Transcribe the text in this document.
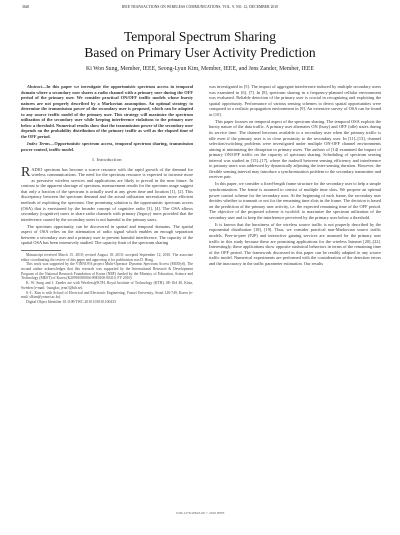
3640	IEEE TRANSACTIONS ON WIRELESS COMMUNICATIONS, VOL. 9, NO. 12, DECEMBER 2010
Temporal Spectrum Sharing
Based on Primary User Activity Prediction
Ki Won Sung, Member, IEEE, Seong-Lyun Kim, Member, IEEE, and Jens Zander, Member, IEEE

Abstract—In this paper we investigate the opportunistic spectrum access in temporal domain where a secondary user shares a radio channel with a primary user during the OFF period of the primary user. We consider practical ON/OFF traffic models whose bursty natures are not properly described by a Markovian assumption. An optimal strategy to determine the transmission power of the secondary user is proposed, which can be adapted to any source traffic model of the primary user. This strategy will maximize the spectrum utilization of the secondary user while keeping interference violations to the primary user below a threshold. Numerical results show that the transmission power of the secondary user depends on the probability distribution of the primary traffic as well as the elapsed time of the OFF period.

Index Terms—Opportunistic spectrum access, temporal spectrum sharing, transmission power control, traffic model.

I. Introduction

RADIO spectrum has become a scarce resource with the rapid growth of the demand for wireless communications. The need for the spectrum resource is expected to increase more as pervasive wireless services and applications are likely to prevail in the near future. In contrast to the apparent shortage of spectrum, measurement results for the spectrum usage suggest that only a fraction of the spectrum is actually used at any given time and location [1], [2]. This discrepancy between the spectrum demand and the actual utilization necessitates more efficient methods of exploiting the spectrum. One promising solution is the opportunistic spectrum access (OSA) that is envisioned by the broader concept of cognitive radio [3], [4]. The OSA allows secondary (cognitive) users to share radio channels with primary (legacy) users provided that the interference caused by the secondary users is not harmful to the primary users.

The spectrum opportunity can be discovered in spatial and temporal domains. The spatial aspect of OSA relies on the attenuation of radio signal which enables an enough separation between a secondary user and a primary user to prevent harmful interference. The capacity of the spatial OSA has been extensively studied. The capacity limit of the spectrum sharing

Manuscript received March 15, 2010; revised August 18, 2010; accepted September 12, 2010. The associate editor coordinating the review of this paper and approving it for publication was D. Hong.

This work was supported by the VINNOVA project Multi-Operator Dynamic Spectrum Access (MODyS). The second author acknowledges that this research was supported by the International Research & Development Program of the National Research Foundation of Korea (NRF) funded by the Ministry of Education, Science and Technology (MEST) of Korea (K20901000004-09E0100-00410, FY 2010).

K. W. Sung and J. Zander are with Wireless@KTH, Royal Institute of Technology (KTH), SE-164 40, Kista, Sweden (e-mail: {sungkw, jenz}@kth.se).

S.-L. Kim is with School of Electrical and Electronic Engineering, Yonsei University, Seoul 120-749, Korea (e-mail: slkim@yonsei.ac.kr).

Digital Object Identifier 10.1109/TWC.2010.101810.100433

was investigated in [5]. The impact of aggregate interference induced by multiple secondary users was examined in [6], [7]. In [8], spectrum sharing in a frequency-planned cellular environment was evaluated. Reliable detection of the primary user is crucial in recognizing and exploiting the spatial opportunity. Performance of various sensing schemes to detect spatial opportunities were compared in a realistic propagation environment in [9]. An extensive survey of OSA can be found in [10].

This paper focuses on temporal aspect of the spectrum sharing. The temporal OSA exploits the bursty nature of the data traffic. A primary user alternates ON (busy) and OFF (idle) states during its service time. The channel becomes available to a secondary user when the primary traffic is idle even if the primary user is in close proximity to the secondary user. In [11]–[13], channel selection/switching problems were investigated under multiple ON-OFF channel environments aiming at minimizing the disruption to primary users. The authors of [14] examined the impact of primary ON/OFF traffic on the capacity of spectrum sharing. Scheduling of spectrum sensing interval was studied in [15]–[17], where the tradeoff between sensing efficiency and interference to primary users was addressed by dynamically adjusting the inter-sensing duration. However, the flexible sensing interval may introduce a synchronization problem to the secondary transmitter and receiver pair.

In this paper, we consider a fixed-length frame structure for the secondary user to help a simple synchronization. The frame is assumed to consist of multiple time slots. We propose an optimal power control scheme for the secondary user. At the beginning of each frame, the secondary user decides whether to transmit or not for the remaining time slots in the frame. The decision is based on the prediction of the primary user activity, i.e. the expected remaining time of the OFF period. The objective of the proposed scheme is twofold: to maximize the spectrum utilization of the secondary user and to keep the interference perceived by the primary user below a threshold.

It is known that the burstiness of the wireless source traffic is not properly described by the exponential distribution [18], [19]. Thus, we consider practical non-Markovian source traffic models. Peer-to-peer (P2P) and interactive gaming services are assumed for the primary user traffic in this study because these are promising applications for the wireless Internet [20]–[22]. Interestingly, these applications show opposite statistical behaviors in terms of the remaining time of the OFF period. The framework discussed in this paper can be readily adapted to any source traffic model. Numerical experiments are performed with the consideration of the detection errors and the inaccuracy in the traffic parameter estimation. Our results

1536-1276/10$25.00 © 2010 IEEE
